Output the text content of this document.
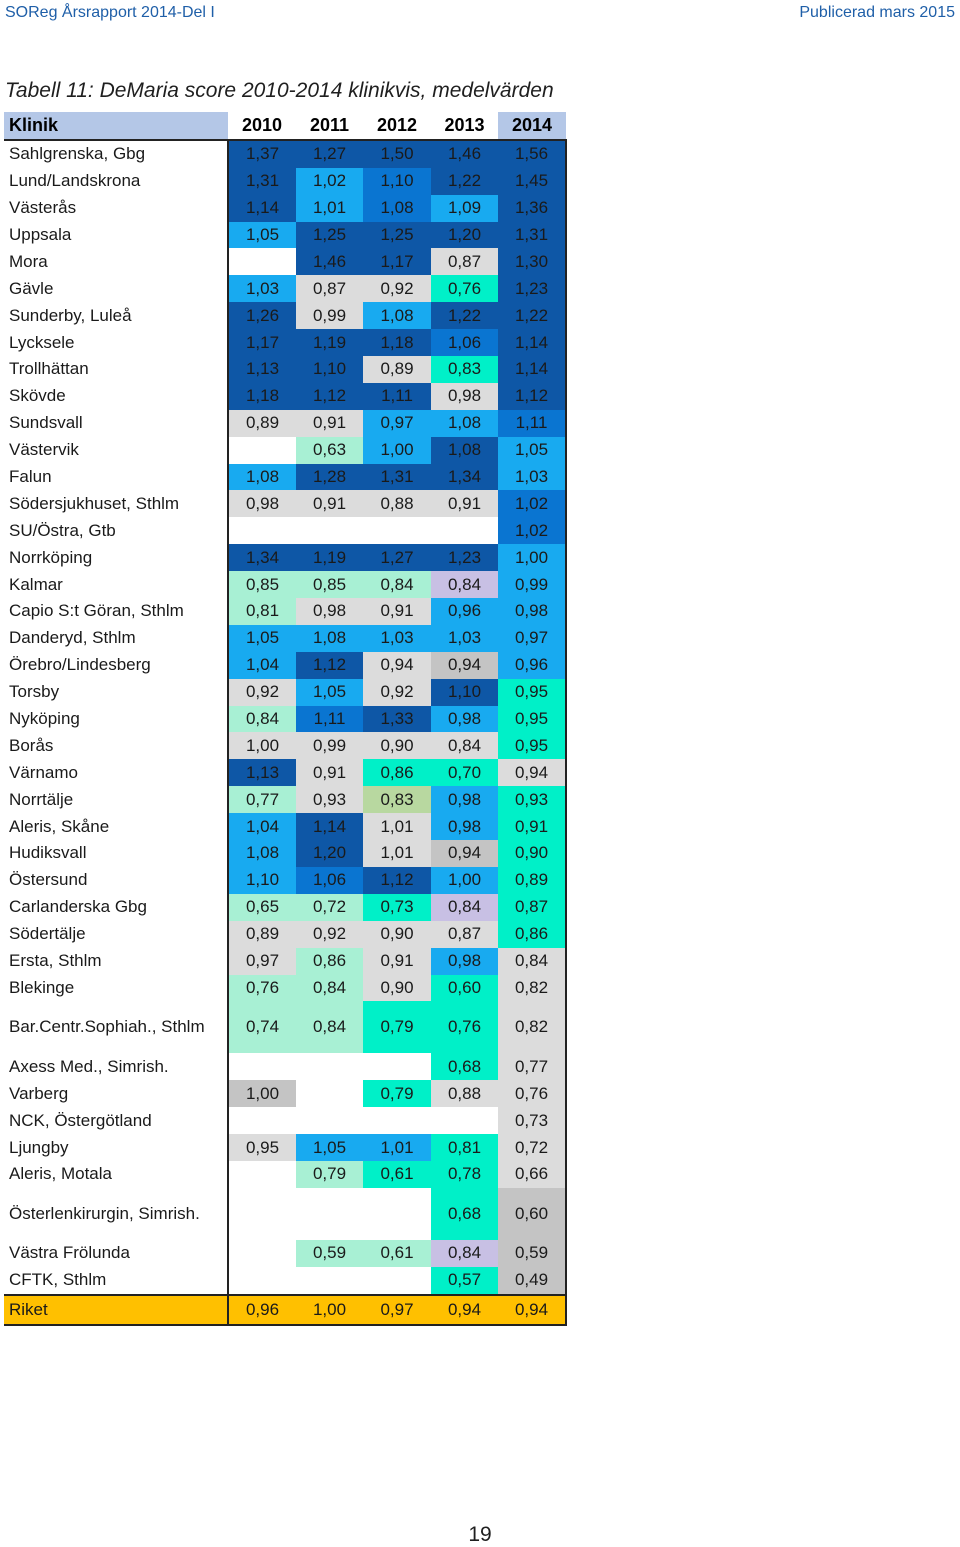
SOReg Årsrapport 2014-Del I	Publicerad mars 2015
Tabell 11: DeMaria score 2010-2014 klinikvis, medelvärden
Klinik	2010	2011	2012	2013	2014
Sahlgrenska, Gbg	1,37	1,27	1,50	1,46	1,56
Lund/Landskrona	1,31	1,02	1,10	1,22	1,45
Västerås	1,14	1,01	1,08	1,09	1,36
Uppsala	1,05	1,25	1,25	1,20	1,31
Mora		1,46	1,17	0,87	1,30
Gävle	1,03	0,87	0,92	0,76	1,23
Sunderby, Luleå	1,26	0,99	1,08	1,22	1,22
Lycksele	1,17	1,19	1,18	1,06	1,14
Trollhättan	1,13	1,10	0,89	0,83	1,14
Skövde	1,18	1,12	1,11	0,98	1,12
Sundsvall	0,89	0,91	0,97	1,08	1,11
Västervik		0,63	1,00	1,08	1,05
Falun	1,08	1,28	1,31	1,34	1,03
Södersjukhuset, Sthlm	0,98	0,91	0,88	0,91	1,02
SU/Östra, Gtb					1,02
Norrköping	1,34	1,19	1,27	1,23	1,00
Kalmar	0,85	0,85	0,84	0,84	0,99
Capio S:t Göran, Sthlm	0,81	0,98	0,91	0,96	0,98
Danderyd, Sthlm	1,05	1,08	1,03	1,03	0,97
Örebro/Lindesberg	1,04	1,12	0,94	0,94	0,96
Torsby	0,92	1,05	0,92	1,10	0,95
Nyköping	0,84	1,11	1,33	0,98	0,95
Borås	1,00	0,99	0,90	0,84	0,95
Värnamo	1,13	0,91	0,86	0,70	0,94
Norrtälje	0,77	0,93	0,83	0,98	0,93
Aleris, Skåne	1,04	1,14	1,01	0,98	0,91
Hudiksvall	1,08	1,20	1,01	0,94	0,90
Östersund	1,10	1,06	1,12	1,00	0,89
Carlanderska Gbg	0,65	0,72	0,73	0,84	0,87
Södertälje	0,89	0,92	0,90	0,87	0,86
Ersta, Sthlm	0,97	0,86	0,91	0,98	0,84
Blekinge	0,76	0,84	0,90	0,60	0,82
Bar.Centr.Sophiah., Sthlm	0,74	0,84	0,79	0,76	0,82
Axess Med., Simrish.				0,68	0,77
Varberg	1,00		0,79	0,88	0,76
NCK, Östergötland					0,73
Ljungby	0,95	1,05	1,01	0,81	0,72
Aleris, Motala		0,79	0,61	0,78	0,66
Österlenkirurgin, Simrish.				0,68	0,60
Västra Frölunda		0,59	0,61	0,84	0,59
CFTK, Sthlm				0,57	0,49
Riket	0,96	1,00	0,97	0,94	0,94
19
